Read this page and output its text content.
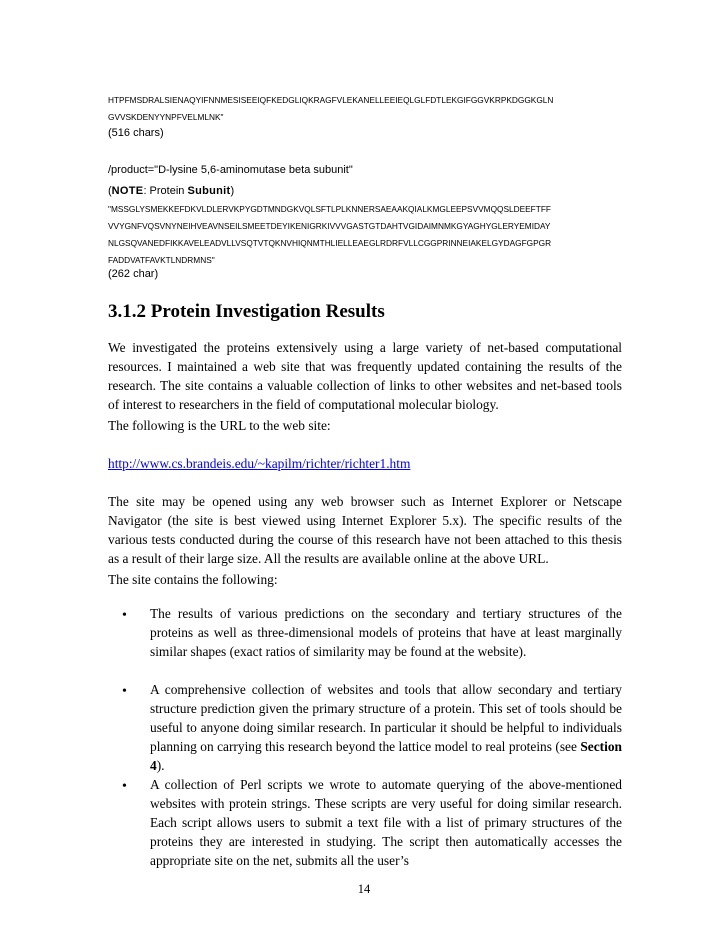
HTPFMSDRALSIENAQYIFNNMESISEEIQFKEDGLIQKRAGFVLEKANELLEEIEQLGLFDTLEKGIFGGVKRPKDGGKGLN
GVVSKDENYYNPFVELMLNK"
(516 chars)
/product="D-lysine 5,6-aminomutase beta subunit"
(NOTE: Protein Subunit)
"MSSGLYSMEKKEFDKVLDLERVKPYGDTMNDGKVQLSFTLPLKNNERSAEAAKQIALKMGLEEPSVVMQQSLDEEFTFF
VVYGNFVQSVNYNEIHVEAVNSEILSMEETDEYIKENIGRKIVVVGASTGTDAHTVGIDAIMNMKGYAGHYGLERYEMIDAY
NLGSQVANEDFIKKAVELEADVLLVSQTVTQKNVHIQNMTHLIELLEAEGLRDRFVLLCGGPRINNEIAKELGYDAGFGPGR
FADDVATFAVKTLNDRMNS"
(262 char)
3.1.2 Protein Investigation Results
We investigated the proteins extensively using a large variety of net-based computational resources. I maintained a web site that was frequently updated containing the results of the research. The site contains a valuable collection of links to other websites and net-based tools of interest to researchers in the field of computational molecular biology.
The following is the URL to the web site:
http://www.cs.brandeis.edu/~kapilm/richter/richter1.htm
The site may be opened using any web browser such as Internet Explorer or Netscape Navigator (the site is best viewed using Internet Explorer 5.x). The specific results of the various tests conducted during the course of this research have not been attached to this thesis as a result of their large size. All the results are available online at the above URL.
The site contains the following:
• The results of various predictions on the secondary and tertiary structures of the proteins as well as three-dimensional models of proteins that have at least marginally similar shapes (exact ratios of similarity may be found at the website).
• A comprehensive collection of websites and tools that allow secondary and tertiary structure prediction given the primary structure of a protein. This set of tools should be useful to anyone doing similar research. In particular it should be helpful to individuals planning on carrying this research beyond the lattice model to real proteins (see Section 4).
• A collection of Perl scripts we wrote to automate querying of the above-mentioned websites with protein strings. These scripts are very useful for doing similar research. Each script allows users to submit a text file with a list of primary structures of the proteins they are interested in studying. The script then automatically accesses the appropriate site on the net, submits all the user’s
14
